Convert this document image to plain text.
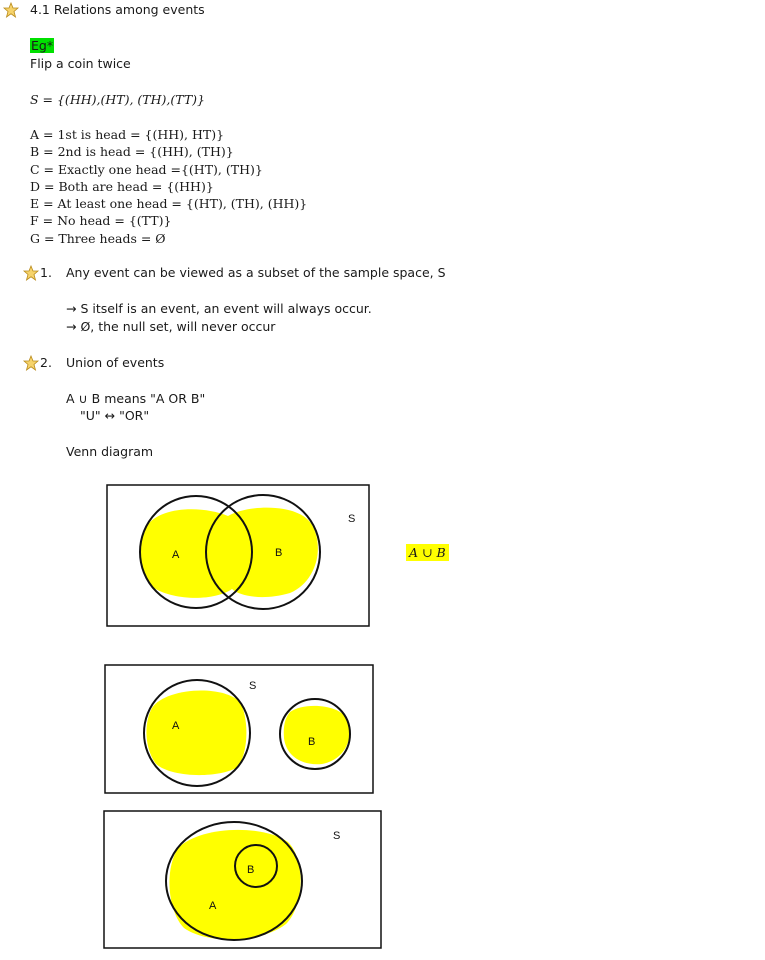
4.1 Relations among events
Eg*
Flip a coin twice
S = {(HH),(HT), (TH),(TT)}
A = 1st is head = {(HH), HT)}
B = 2nd is head = {(HH), (TH)}
C = Exactly one head ={(HT), (TH)}
D = Both are head = {(HH)}
E = At least one head = {(HT), (TH), (HH)}
F = No head = {(TT)}
G = Three heads = Ø
1. Any event can be viewed as a subset of the sample space, S
→ S itself is an event, an event will always occur.
→ Ø, the null set, will never occur
2. Union of events
A ∪ B means "A OR B"
"U" ↔ "OR"
Venn diagram
A ∪ B
A	B
S
A
B
S
A
B
S
